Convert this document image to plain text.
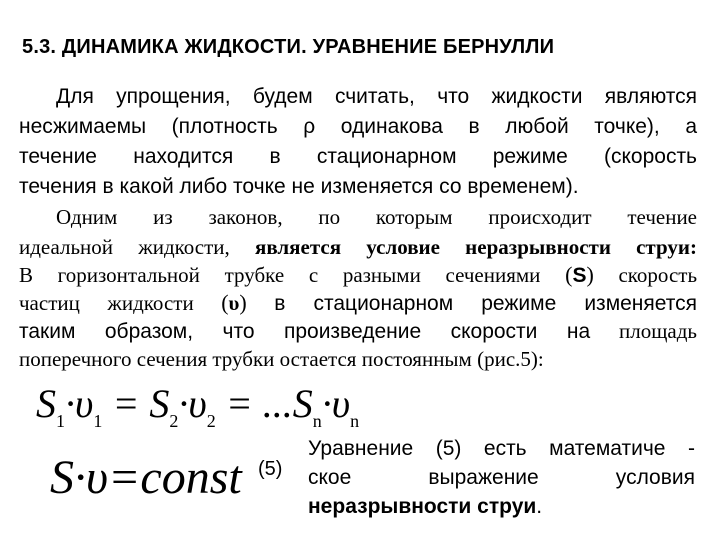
5.3. ДИНАМИКА ЖИДКОСТИ. УРАВНЕНИЕ БЕРНУЛЛИ
Для упрощения, будем считать, что жидкости являются
несжимаемы (плотность ρ одинакова в любой точке), а
течение находится в стационарном режиме (скорость
течения в какой либо точке не изменяется со временем).
Одним из законов, по которым происходит течение
идеальной жидкости, является условие неразрывности струи:
В горизонтальной трубке с разными сечениями (S) скорость
частиц жидкости (υ) в стационарном режиме изменяется
таким образом, что произведение скорости на площадь
поперечного сечения трубки остается постоянным (рис.5):
$S_1\cdot\upsilon_1 = S_2\cdot\upsilon_2 = ...S_n\cdot\upsilon_n$
S·υ=const (5)
Уравнение (5) есть математиче -
ское выражение условия
неразрывности струи.
